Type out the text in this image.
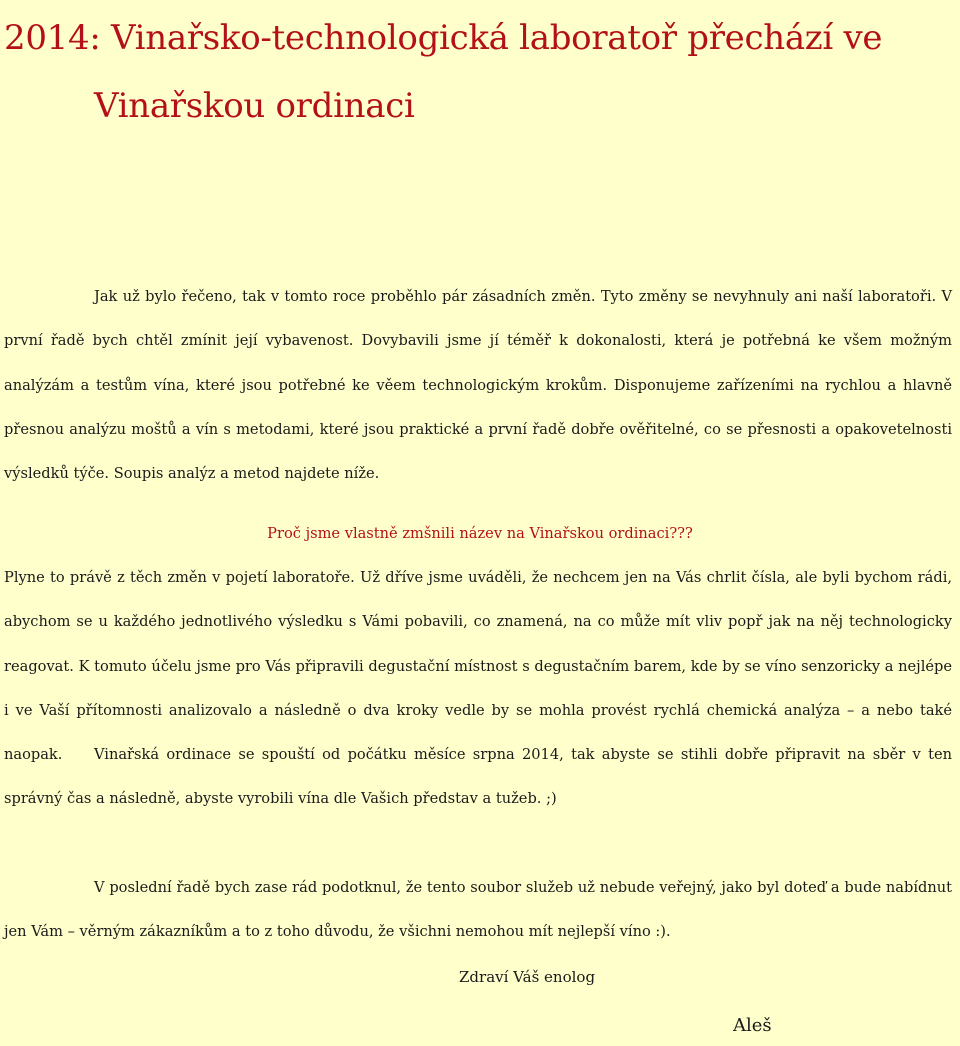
2014: Vinařsko-technologická laboratoř přechází ve
Vinařskou ordinaci

Jak už bylo řečeno, tak v tomto roce proběhlo pár zásadních změn. Tyto změny se nevyhnuly ani naší laboratoři. V první řadě bych chtěl zmínit její vybavenost. Dovybavili jsme jí téměř k dokonalosti, která je potřebná ke všem možným analýzám a testům vína, které jsou potřebné ke věem technologickým krokům. Disponujeme zařízeními na rychlou a hlavně přesnou analýzu moštů a vín s metodami, které jsou praktické a první řadě dobře ověřitelné, co se přesnosti a opakovetelnosti výsledků týče. Soupis analýz a metod najdete níže.

Proč jsme vlastně zmšnili název na Vinařskou ordinaci???

Plyne to právě z těch změn v pojetí laboratoře. Už dříve jsme uváděli, že nechcem jen na Vás chrlit čísla, ale byli bychom rádi, abychom se u každého jednotlivého výsledku s Vámi pobavili, co znamená, na co může mít vliv popř jak na něj technologicky reagovat. K tomuto účelu jsme pro Vás připravili degustační místnost s degustačním barem, kde by se víno senzoricky a nejlépe i ve Vaší přítomnosti analizovalo a následně o dva kroky vedle by se mohla provést rychlá chemická analýza – a nebo také naopak.	Vinařská ordinace se spouští od počátku měsíce srpna 2014, tak abyste se stihli dobře připravit na sběr v ten správný čas a následně, abyste vyrobili vína dle Vašich představ a tužeb. ;)

V poslední řadě bych zase rád podotknul, že tento soubor služeb už nebude veřejný, jako byl doteď a bude nabídnut jen Vám – věrným zákazníkům a to z toho důvodu, že všichni nemohou mít nejlepší víno :).

Zdraví Váš enolog

Aleš
